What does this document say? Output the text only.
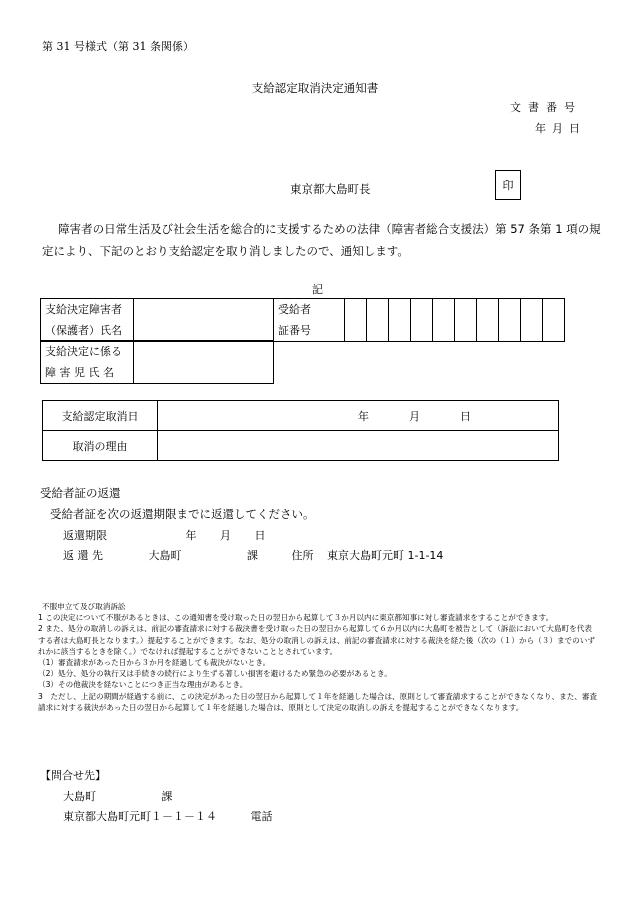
第 31 号様式（第 31 条関係）
支給認定取消決定通知書
文書番号
年月日
東京都大島町長	印
障害者の日常生活及び社会生活を総合的に支援するための法律（障害者総合支援法）第 57 条第 1 項の規定により、下記のとおり支給認定を取り消しましたので、通知します。
記
支給決定障害者
（保護者）氏名

受給者
証番号

支給決定に係る
障 害 児 氏 名

支給認定取消日	年 月 日
取消の理由	
受給者証の返還
受給者証を次の返還期限までに返還してください。
返還期限	年 月 日
返 還 先	大島町	課	住所 東京大島町元町 1-1-14
不服申立て及び取消訴訟
1 この決定について不服があるときは、この通知書を受け取った日の翌日から起算して３か月以内に東京都知事に対し審査請求をすることができます。
2 また、処分の取消しの訴えは、前記の審査請求に対する裁決書を受け取った日の翌日から起算して６か月以内に大島町を被告として（訴訟において大島町を代表する者は大島町長となります。）提起することができます。なお、処分の取消しの訴えは、前記の審査請求に対する裁決を経た後（次の（１）から（３）までのいずれかに該当するときを除く。）でなければ提起することができないこととされています。
（1）審査請求があった日から３か月を経過しても裁決がないとき。
（2）処分、処分の執行又は手続きの続行により生ずる著しい損害を避けるため緊急の必要があるとき。
（3）その他裁決を経ないことにつき正当な理由があるとき。
3　ただし、上記の期間が経過する前に、この決定があった日の翌日から起算して１年を経過した場合は、原則として審査請求することができなくなり、また、審査請求に対する裁決があった日の翌日から起算して１年を経過した場合は、原則として決定の取消しの訴えを提起することができなくなります。
【問合せ先】
大島町	課
東京都大島町元町１－１－１４	電話
